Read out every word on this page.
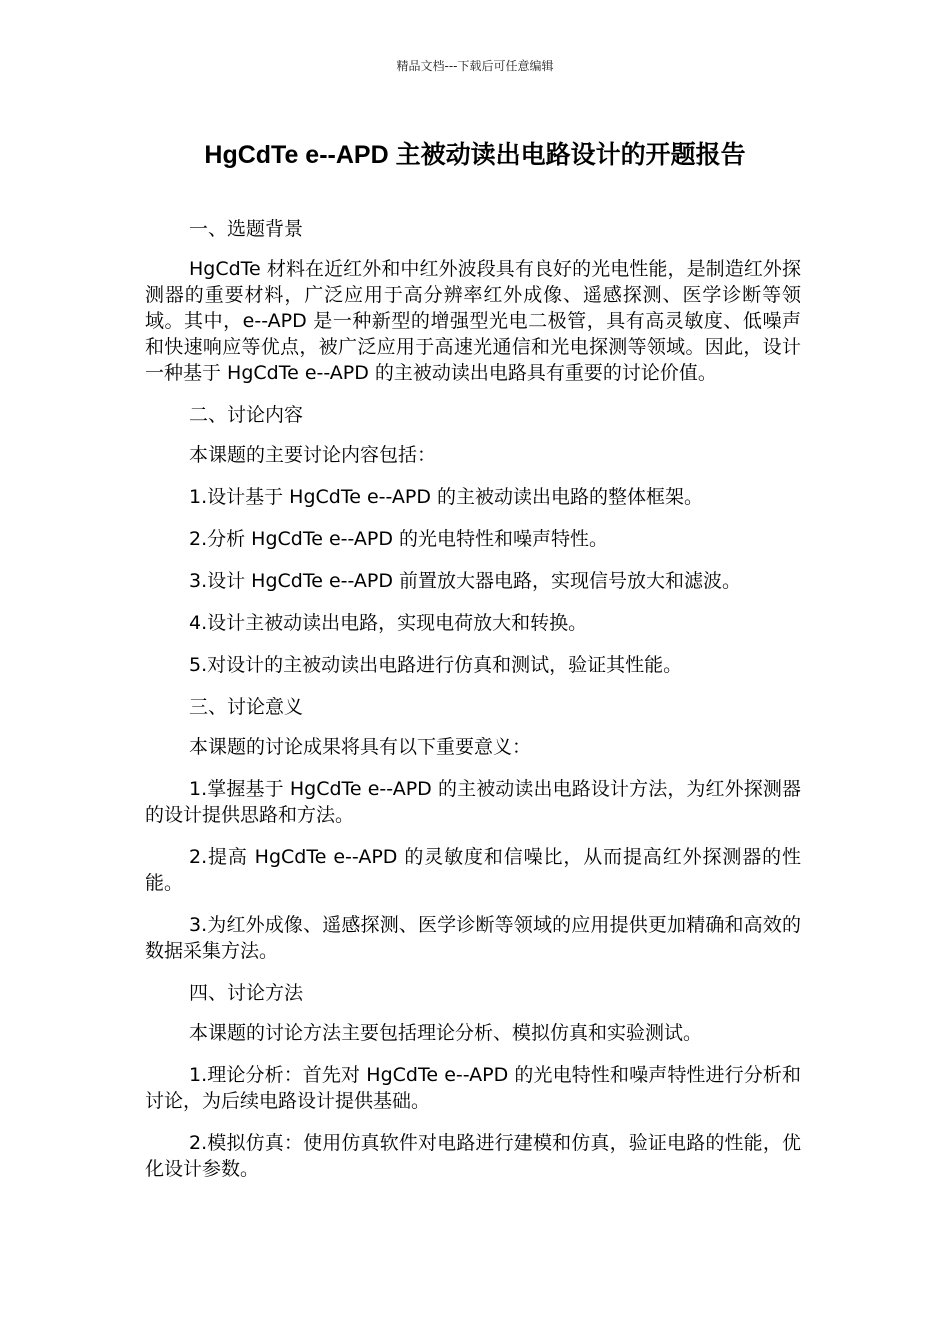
精品文档---下载后可任意编辑
HgCdTe e--APD 主被动读出电路设计的开题报告

一、选题背景

HgCdTe 材料在近红外和中红外波段具有良好的光电性能，是制造红外探测器的重要材料，广泛应用于高分辨率红外成像、遥感探测、医学诊断等领域。其中，e--APD 是一种新型的增强型光电二极管，具有高灵敏度、低噪声和快速响应等优点，被广泛应用于高速光通信和光电探测等领域。因此，设计一种基于 HgCdTe e--APD 的主被动读出电路具有重要的讨论价值。

二、讨论内容

本课题的主要讨论内容包括：

1.设计基于 HgCdTe e--APD 的主被动读出电路的整体框架。

2.分析 HgCdTe e--APD 的光电特性和噪声特性。

3.设计 HgCdTe e--APD 前置放大器电路，实现信号放大和滤波。

4.设计主被动读出电路，实现电荷放大和转换。

5.对设计的主被动读出电路进行仿真和测试，验证其性能。

三、讨论意义

本课题的讨论成果将具有以下重要意义：

1.掌握基于 HgCdTe e--APD 的主被动读出电路设计方法，为红外探测器的设计提供思路和方法。

2.提高 HgCdTe e--APD 的灵敏度和信噪比，从而提高红外探测器的性能。

3.为红外成像、遥感探测、医学诊断等领域的应用提供更加精确和高效的数据采集方法。

四、讨论方法

本课题的讨论方法主要包括理论分析、模拟仿真和实验测试。

1.理论分析：首先对 HgCdTe e--APD 的光电特性和噪声特性进行分析和讨论，为后续电路设计提供基础。

2.模拟仿真：使用仿真软件对电路进行建模和仿真，验证电路的性能，优化设计参数。
